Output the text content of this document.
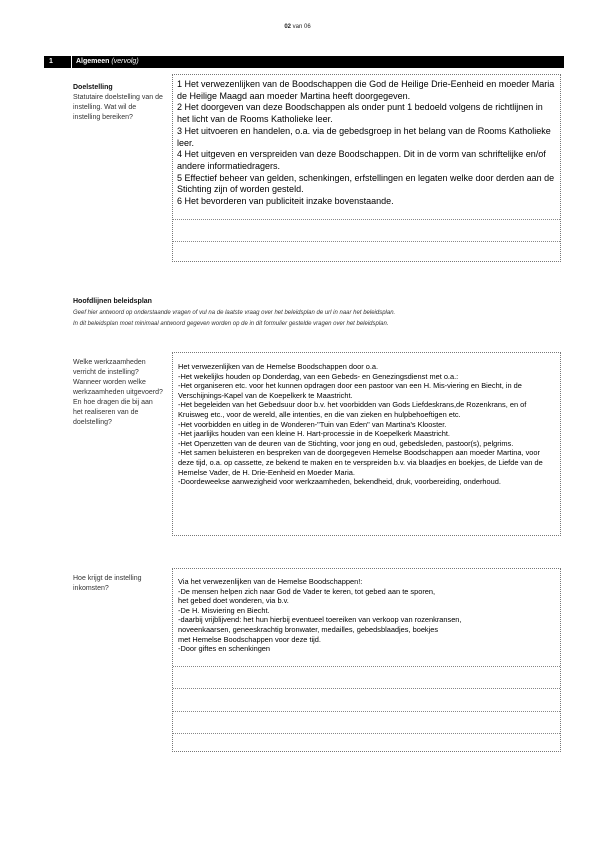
02 van 06
1	Algemeen (vervolg)
Doelstelling
Statutaire doelstelling van de instelling. Wat wil de instelling bereiken?
1 Het verwezenlijken van de Boodschappen die God de Heilige Drie-Eenheid en moeder Maria de Heilige Maagd aan moeder Martina heeft doorgegeven.
2 Het doorgeven van deze Boodschappen als onder punt 1 bedoeld volgens de richtlijnen in het licht van de Rooms Katholieke leer.
3 Het uitvoeren en handelen, o.a. via de gebedsgroep in het belang van de Rooms Katholieke leer.
4 Het uitgeven en verspreiden van deze Boodschappen. Dit in de vorm van schriftelijke en/of andere informatiedragers.
5 Effectief beheer van gelden, schenkingen, erfstellingen en legaten welke door derden aan de Stichting zijn of worden gesteld.
6 Het bevorderen van publiciteit inzake bovenstaande.
Hoofdlijnen beleidsplan
Geef hier antwoord op onderstaande vragen of vul na de laatste vraag over het beleidsplan de url in naar het beleidsplan.
In dit beleidsplan moet minimaal antwoord gegeven worden op de in dit formulier gestelde vragen over het beleidsplan.
Welke werkzaamheden verricht de instelling? Wanneer worden welke werkzaamheden uitgevoerd? En hoe dragen die bij aan het realiseren van de doelstelling?
Het verwezenlijken van de Hemelse Boodschappen door o.a.
-Het wekelijks houden op Donderdag, van een Gebeds- en Genezingsdienst met o.a.:
-Het organiseren etc. voor het kunnen opdragen door een pastoor van een H. Mis-viering en Biecht, in de Verschijnings-Kapel van de Koepelkerk te Maastricht.
-Het begeleiden van het Gebedsuur door b.v. het voorbidden van Gods Liefdeskrans,de Rozenkrans, en of Kruisweg etc., voor de wereld, alle intenties, en die van zieken en hulpbehoeftigen etc.
-Het voorbidden en uitleg in de Wonderen-"Tuin van Eden" van Martina's Klooster.
-Het jaarlijks houden van een kleine H. Hart-processie in de Koepelkerk Maastricht.
-Het Openzetten van de deuren van de Stichting, voor jong en oud, gebedsleden, pastoor(s), pelgrims.
-Het samen beluisteren en bespreken van de doorgegeven Hemelse Boodschappen aan moeder Martina, voor deze tijd, o.a. op cassette, ze bekend te maken en te verspreiden b.v. via blaadjes en boekjes, de Liefde van de Hemelse Vader, de H. Drie-Eenheid en Moeder Maria.
-Doordeweekse aanwezigheid voor werkzaamheden, bekendheid, druk, voorbereiding, onderhoud.
Hoe krijgt de instelling inkomsten?
Via het verwezenlijken van de Hemelse Boodschappen!:
-De mensen helpen zich naar God de Vader te keren, tot gebed aan te sporen,
het gebed doet wonderen, via b.v.
-De H. Misviering en Biecht.
-daarbij vrijblijvend: het hun hierbij eventueel toereiken van verkoop van rozenkransen,
noveenkaarsen, geneeskrachtig bronwater, medailles, gebedsblaadjes, boekjes
met Hemelse Boodschappen voor deze tijd.
-Door giftes en schenkingen
